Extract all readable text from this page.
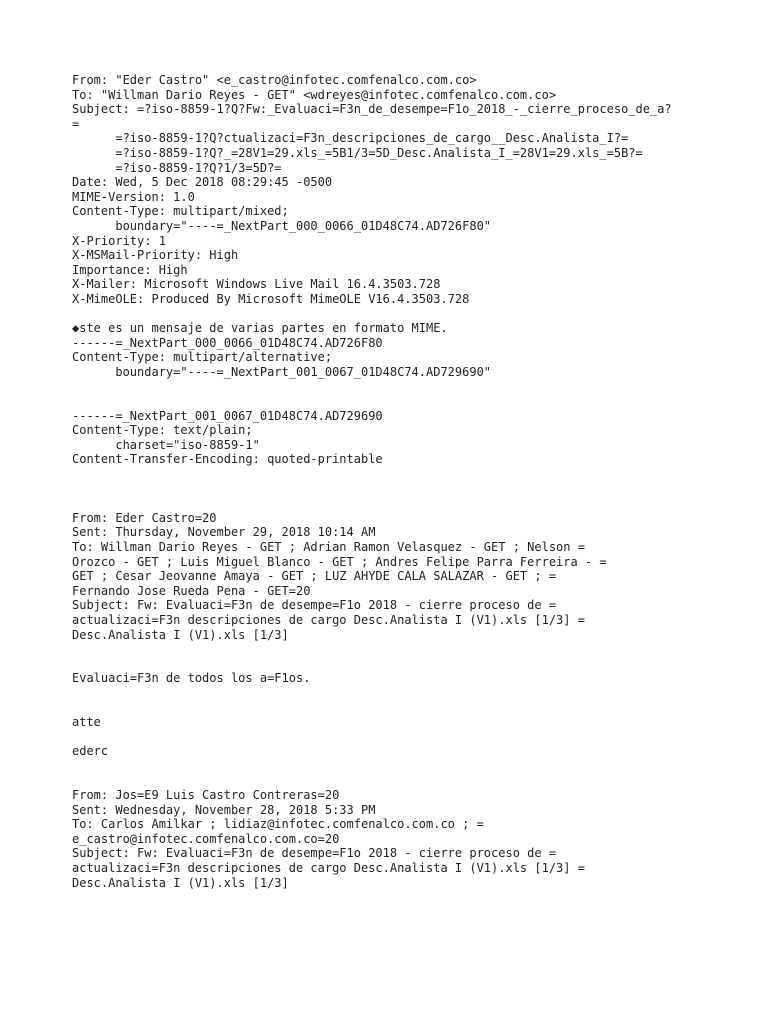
From: "Eder Castro" <e_castro@infotec.comfenalco.com.co>
To: "Willman Dario Reyes - GET" <wdreyes@infotec.comfenalco.com.co>
Subject: =?iso-8859-1?Q?Fw:_Evaluaci=F3n_de_desempe=F1o_2018_-_cierre_proceso_de_a?
=
=?iso-8859-1?Q?ctualizaci=F3n_descripciones_de_cargo__Desc.Analista_I?=
=?iso-8859-1?Q?_=28V1=29.xls_=5B1/3=5D_Desc.Analista_I_=28V1=29.xls_=5B?=
=?iso-8859-1?Q?1/3=5D?=
Date: Wed, 5 Dec 2018 08:29:45 -0500
MIME-Version: 1.0
Content-Type: multipart/mixed;
boundary="----=_NextPart_000_0066_01D48C74.AD726F80"
X-Priority: 1
X-MSMail-Priority: High
Importance: High
X-Mailer: Microsoft Windows Live Mail 16.4.3503.728
X-MimeOLE: Produced By Microsoft MimeOLE V16.4.3503.728
◆ste es un mensaje de varias partes en formato MIME.
------=_NextPart_000_0066_01D48C74.AD726F80
Content-Type: multipart/alternative;
boundary="----=_NextPart_001_0067_01D48C74.AD729690"
------=_NextPart_001_0067_01D48C74.AD729690
Content-Type: text/plain;
charset="iso-8859-1"
Content-Transfer-Encoding: quoted-printable
From: Eder Castro=20
Sent: Thursday, November 29, 2018 10:14 AM
To: Willman Dario Reyes - GET ; Adrian Ramon Velasquez - GET ; Nelson =
Orozco - GET ; Luis Miguel Blanco - GET ; Andres Felipe Parra Ferreira - =
GET ; Cesar Jeovanne Amaya - GET ; LUZ AHYDE CALA SALAZAR - GET ; =
Fernando Jose Rueda Pena - GET=20
Subject: Fw: Evaluaci=F3n de desempe=F1o 2018 - cierre proceso de =
actualizaci=F3n descripciones de cargo Desc.Analista I (V1).xls [1/3] =
Desc.Analista I (V1).xls [1/3]
Evaluaci=F3n de todos los a=F1os.
atte
ederc
From: Jos=E9 Luis Castro Contreras=20
Sent: Wednesday, November 28, 2018 5:33 PM
To: Carlos Amilkar ; lidiaz@infotec.comfenalco.com.co ; =
e_castro@infotec.comfenalco.com.co=20
Subject: Fw: Evaluaci=F3n de desempe=F1o 2018 - cierre proceso de =
actualizaci=F3n descripciones de cargo Desc.Analista I (V1).xls [1/3] =
Desc.Analista I (V1).xls [1/3]
